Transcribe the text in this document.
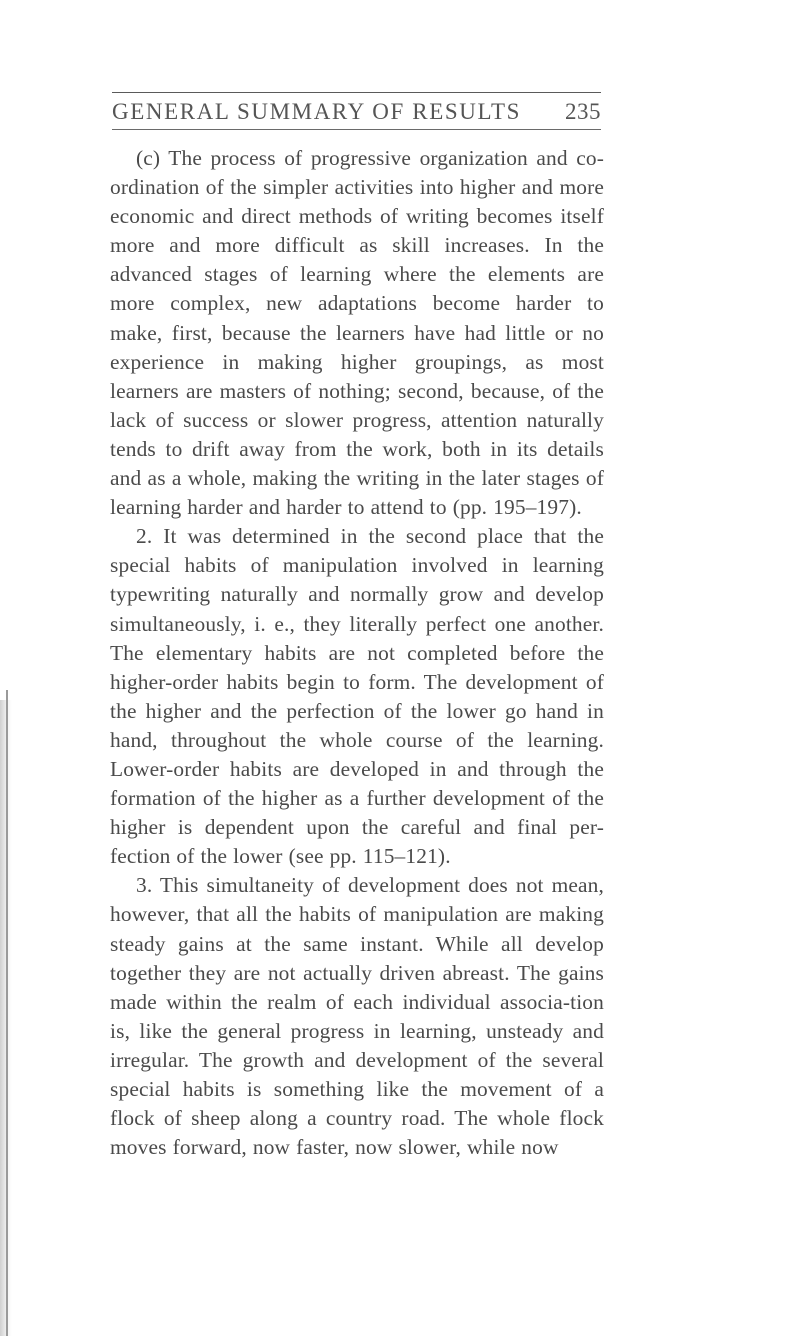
GENERAL SUMMARY OF RESULTS 235

(c) The process of progressive organization and co-ordination of the simpler activities into higher and more economic and direct methods of writing becomes itself more and more difficult as skill increases. In the advanced stages of learning where the elements are more complex, new adaptations become harder to make, first, because the learners have had little or no experience in making higher groupings, as most learners are masters of nothing; second, because, of the lack of success or slower progress, attention naturally tends to drift away from the work, both in its details and as a whole, making the writing in the later stages of learning harder and harder to attend to (pp. 195–197).

2. It was determined in the second place that the special habits of manipulation involved in learning typewriting naturally and normally grow and develop simultaneously, i. e., they literally perfect one another. The elementary habits are not completed before the higher-order habits begin to form. The development of the higher and the perfection of the lower go hand in hand, throughout the whole course of the learning. Lower-order habits are developed in and through the formation of the higher as a further development of the higher is dependent upon the careful and final per-fection of the lower (see pp. 115–121).

3. This simultaneity of development does not mean, however, that all the habits of manipulation are making steady gains at the same instant. While all develop together they are not actually driven abreast. The gains made within the realm of each individual associa-tion is, like the general progress in learning, unsteady and irregular. The growth and development of the several special habits is something like the movement of a flock of sheep along a country road. The whole flock moves forward, now faster, now slower, while now
